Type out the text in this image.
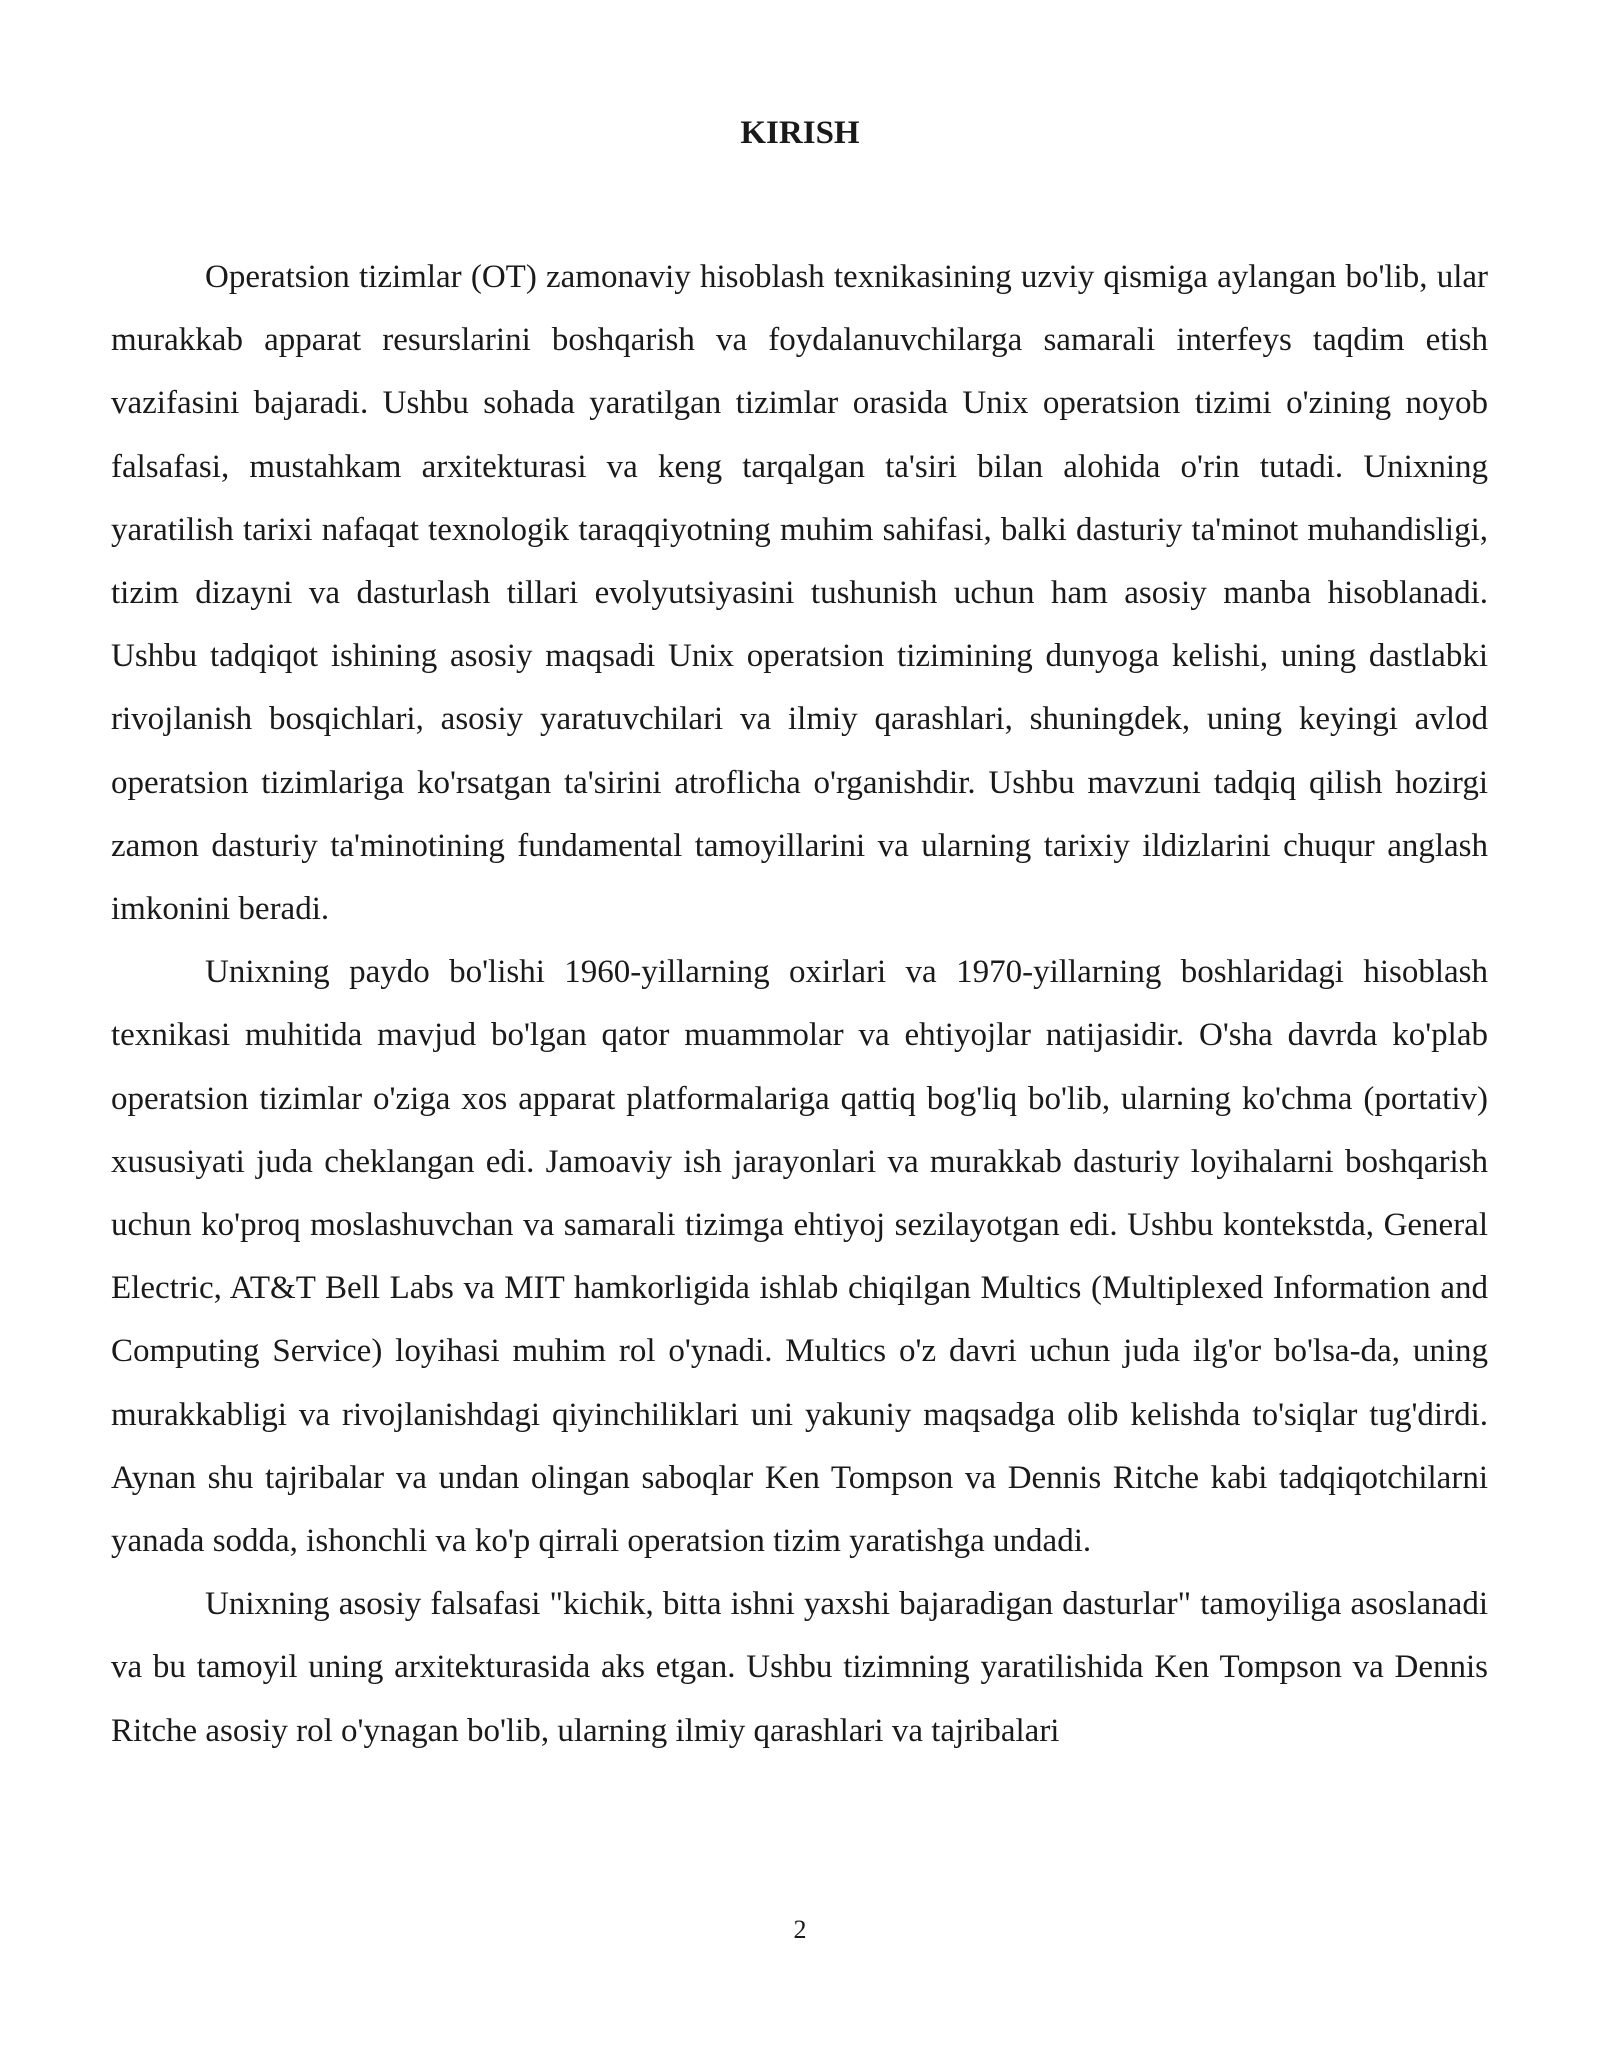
KIRISH

Operatsion tizimlar (OT) zamonaviy hisoblash texnikasining uzviy qismiga aylangan bo'lib, ular murakkab apparat resurslarini boshqarish va foydalanuvchilarga samarali interfeys taqdim etish vazifasini bajaradi. Ushbu sohada yaratilgan tizimlar orasida Unix operatsion tizimi o'zining noyob falsafasi, mustahkam arxitekturasi va keng tarqalgan ta'siri bilan alohida o'rin tutadi. Unixning yaratilish tarixi nafaqat texnologik taraqqiyotning muhim sahifasi, balki dasturiy ta'minot muhandisligi, tizim dizayni va dasturlash tillari evolyutsiyasini tushunish uchun ham asosiy manba hisoblanadi. Ushbu tadqiqot ishining asosiy maqsadi Unix operatsion tizimining dunyoga kelishi, uning dastlabki rivojlanish bosqichlari, asosiy yaratuvchilari va ilmiy qarashlari, shuningdek, uning keyingi avlod operatsion tizimlariga ko'rsatgan ta'sirini atroflicha o'rganishdir. Ushbu mavzuni tadqiq qilish hozirgi zamon dasturiy ta'minotining fundamental tamoyillarini va ularning tarixiy ildizlarini chuqur anglash imkonini beradi.

Unixning paydo bo'lishi 1960-yillarning oxirlari va 1970-yillarning boshlaridagi hisoblash texnikasi muhitida mavjud bo'lgan qator muammolar va ehtiyojlar natijasidir. O'sha davrda ko'plab operatsion tizimlar o'ziga xos apparat platformalariga qattiq bog'liq bo'lib, ularning ko'chma (portativ) xususiyati juda cheklangan edi. Jamoaviy ish jarayonlari va murakkab dasturiy loyihalarni boshqarish uchun ko'proq moslashuvchan va samarali tizimga ehtiyoj sezilayotgan edi. Ushbu kontekstda, General Electric, AT&T Bell Labs va MIT hamkorligida ishlab chiqilgan Multics (Multiplexed Information and Computing Service) loyihasi muhim rol o'ynadi. Multics o'z davri uchun juda ilg'or bo'lsa-da, uning murakkabligi va rivojlanishdagi qiyinchiliklari uni yakuniy maqsadga olib kelishda to'siqlar tug'dirdi. Aynan shu tajribalar va undan olingan saboqlar Ken Tompson va Dennis Ritche kabi tadqiqotchilarni yanada sodda, ishonchli va ko'p qirrali operatsion tizim yaratishga undadi.

Unixning asosiy falsafasi "kichik, bitta ishni yaxshi bajaradigan dasturlar" tamoyiliga asoslanadi va bu tamoyil uning arxitekturasida aks etgan. Ushbu tizimning yaratilishida Ken Tompson va Dennis Ritche asosiy rol o'ynagan bo'lib, ularning ilmiy qarashlari va tajribalari

2
